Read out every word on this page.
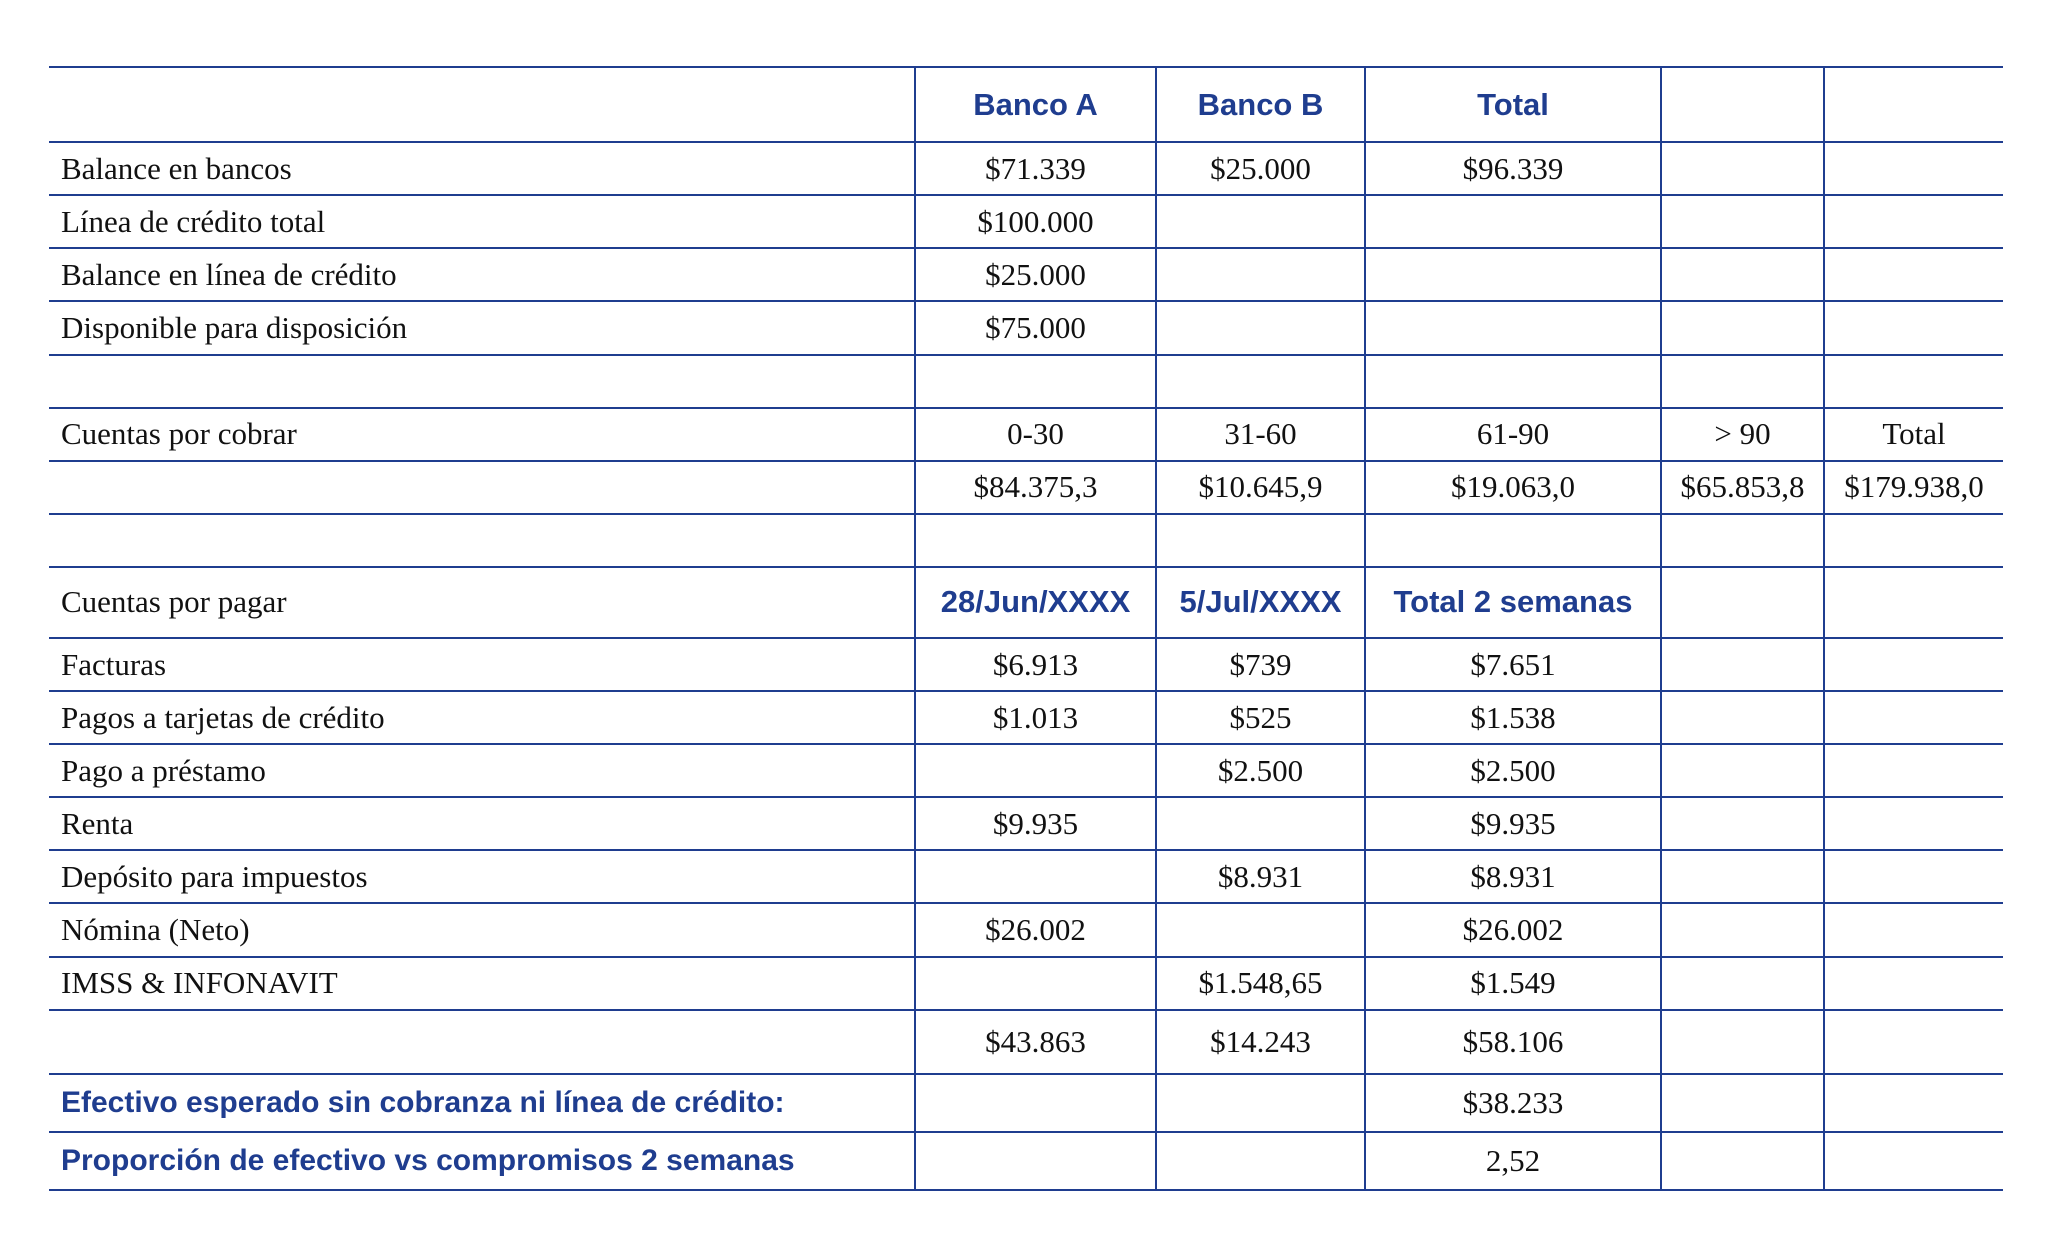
	Banco A	Banco B	Total		
Balance en bancos	$71.339	$25.000	$96.339		
Línea de crédito total	$100.000				
Balance en línea de crédito	$25.000				
Disponible para disposición	$75.000				

Cuentas por cobrar	0-30	31-60	61-90	> 90	Total
	$84.375,3	$10.645,9	$19.063,0	$65.853,8	$179.938,0

Cuentas por pagar	28/Jun/XXXX	5/Jul/XXXX	Total 2 semanas		
Facturas	$6.913	$739	$7.651		
Pagos a tarjetas de crédito	$1.013	$525	$1.538		
Pago a préstamo		$2.500	$2.500		
Renta	$9.935		$9.935		
Depósito para impuestos		$8.931	$8.931		
Nómina (Neto)	$26.002		$26.002		
IMSS & INFONAVIT		$1.548,65	$1.549		
	$43.863	$14.243	$58.106		
Efectivo esperado sin cobranza ni línea de crédito:			$38.233		
Proporción de efectivo vs compromisos 2 semanas			2,52		
